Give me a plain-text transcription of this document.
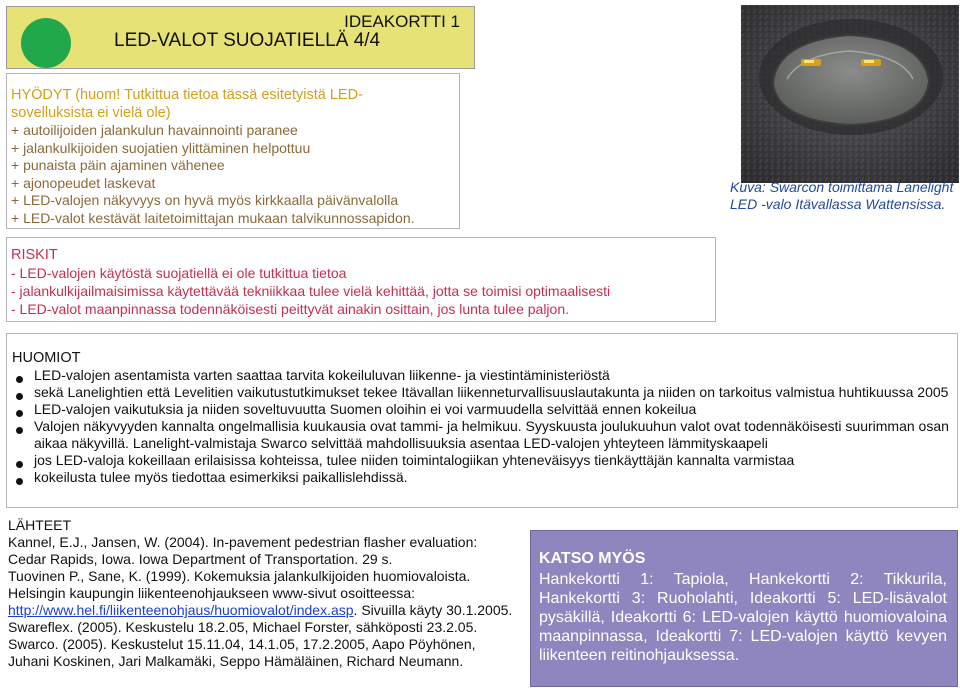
IDEAKORTTI 1
LED-VALOT SUOJATIELLÄ 4/4
HYÖDYT (huom! Tutkittua tietoa tässä esitetyistä LED-sovelluksista ei vielä ole)
+ autoilijoiden jalankulun havainnointi paranee
+ jalankulkijoiden suojatien ylittäminen helpottuu
+ punaista päin ajaminen vähenee
+ ajonopeudet laskevat
+ LED-valojen näkyvyys on hyvä myös kirkkaalla päivänvalolla
+ LED-valot kestävät laitetoimittajan mukaan talvikunnossapidon.
Kuva: Swarcon toimittama Lanelight LED -valo Itävallassa Wattensissa.
RISKIT
- LED-valojen käytöstä suojatiellä ei ole tutkittua tietoa
- jalankulkijailmaisimissa käytettävää tekniikkaa tulee vielä kehittää, jotta se toimisi optimaalisesti
- LED-valot maanpinnassa todennäköisesti peittyvät ainakin osittain, jos lunta tulee paljon.
HUOMIOT
LED-valojen asentamista varten saattaa tarvita kokeiluluvan liikenne- ja viestintäministeriöstä
sekä Lanelightien että Levelitien vaikutustutkimukset tekee Itävallan liikenneturvallisuuslautakunta ja niiden on tarkoitus valmistua huhtikuussa 2005
LED-valojen vaikutuksia ja niiden soveltuvuutta Suomen oloihin ei voi varmuudella selvittää ennen kokeilua
Valojen näkyvyyden kannalta ongelmallisia kuukausia ovat tammi- ja helmikuu. Syyskuusta joulukuuhun valot ovat todennäköisesti suurimman osan aikaa näkyvillä. Lanelight-valmistaja Swarco selvittää mahdollisuuksia asentaa LED-valojen yhteyteen lämmityskaapeli
jos LED-valoja kokeillaan erilaisissa kohteissa, tulee niiden toimintalogiikan yhteneväisyys tienkäyttäjän kannalta varmistaa
kokeilusta tulee myös tiedottaa esimerkiksi paikallislehdissä.
LÄHTEET
Kannel, E.J., Jansen, W. (2004). In-pavement pedestrian flasher evaluation: Cedar Rapids, Iowa. Iowa Department of Transportation. 29 s.
Tuovinen P., Sane, K. (1999). Kokemuksia jalankulkijoiden huomiovaloista.
Helsingin kaupungin liikenteenohjaukseen www-sivut osoitteessa:
http://www.hel.fi/liikenteenohjaus/huomiovalot/index.asp. Sivuilla käyty 30.1.2005.
Swareflex. (2005). Keskustelu 18.2.05, Michael Forster, sähköposti 23.2.05.
Swarco. (2005). Keskustelut 15.11.04, 14.1.05, 17.2.2005, Aapo Pöyhönen, Juhani Koskinen, Jari Malkamäki, Seppo Hämäläinen, Richard Neumann.
KATSO MYÖS
Hankekortti 1: Tapiola, Hankekortti 2: Tikkurila, Hankekortti 3: Ruoholahti, Ideakortti 5: LED-lisävalot pysäkillä, Ideakortti 6: LED-valojen käyttö huomiovaloina maanpinnassa, Ideakortti 7: LED-valojen käyttö kevyen liikenteen reitinohjauksessa.
